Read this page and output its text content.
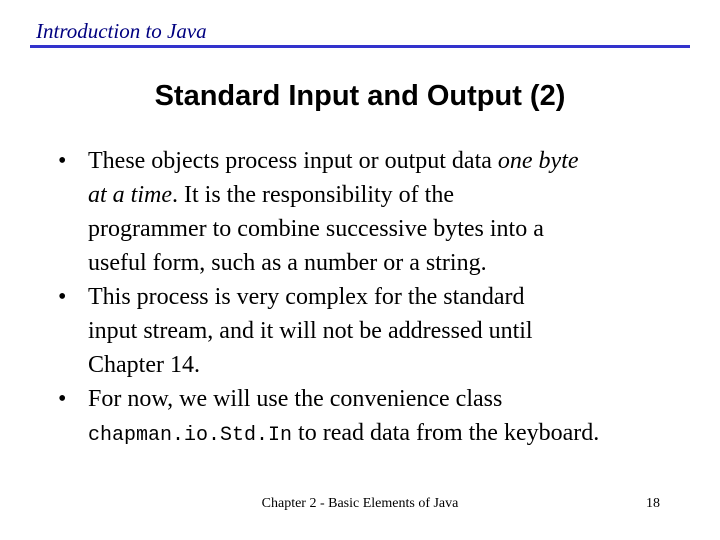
Introduction to Java
Standard Input and Output (2)
• These objects process input or output data one byte
at a time. It is the responsibility of the
programmer to combine successive bytes into a
useful form, such as a number or a string.
• This process is very complex for the standard
input stream, and it will not be addressed until
Chapter 14.
• For now, we will use the convenience class
chapman.io.Std.In to read data from the keyboard.
Chapter 2 - Basic Elements of Java	18
